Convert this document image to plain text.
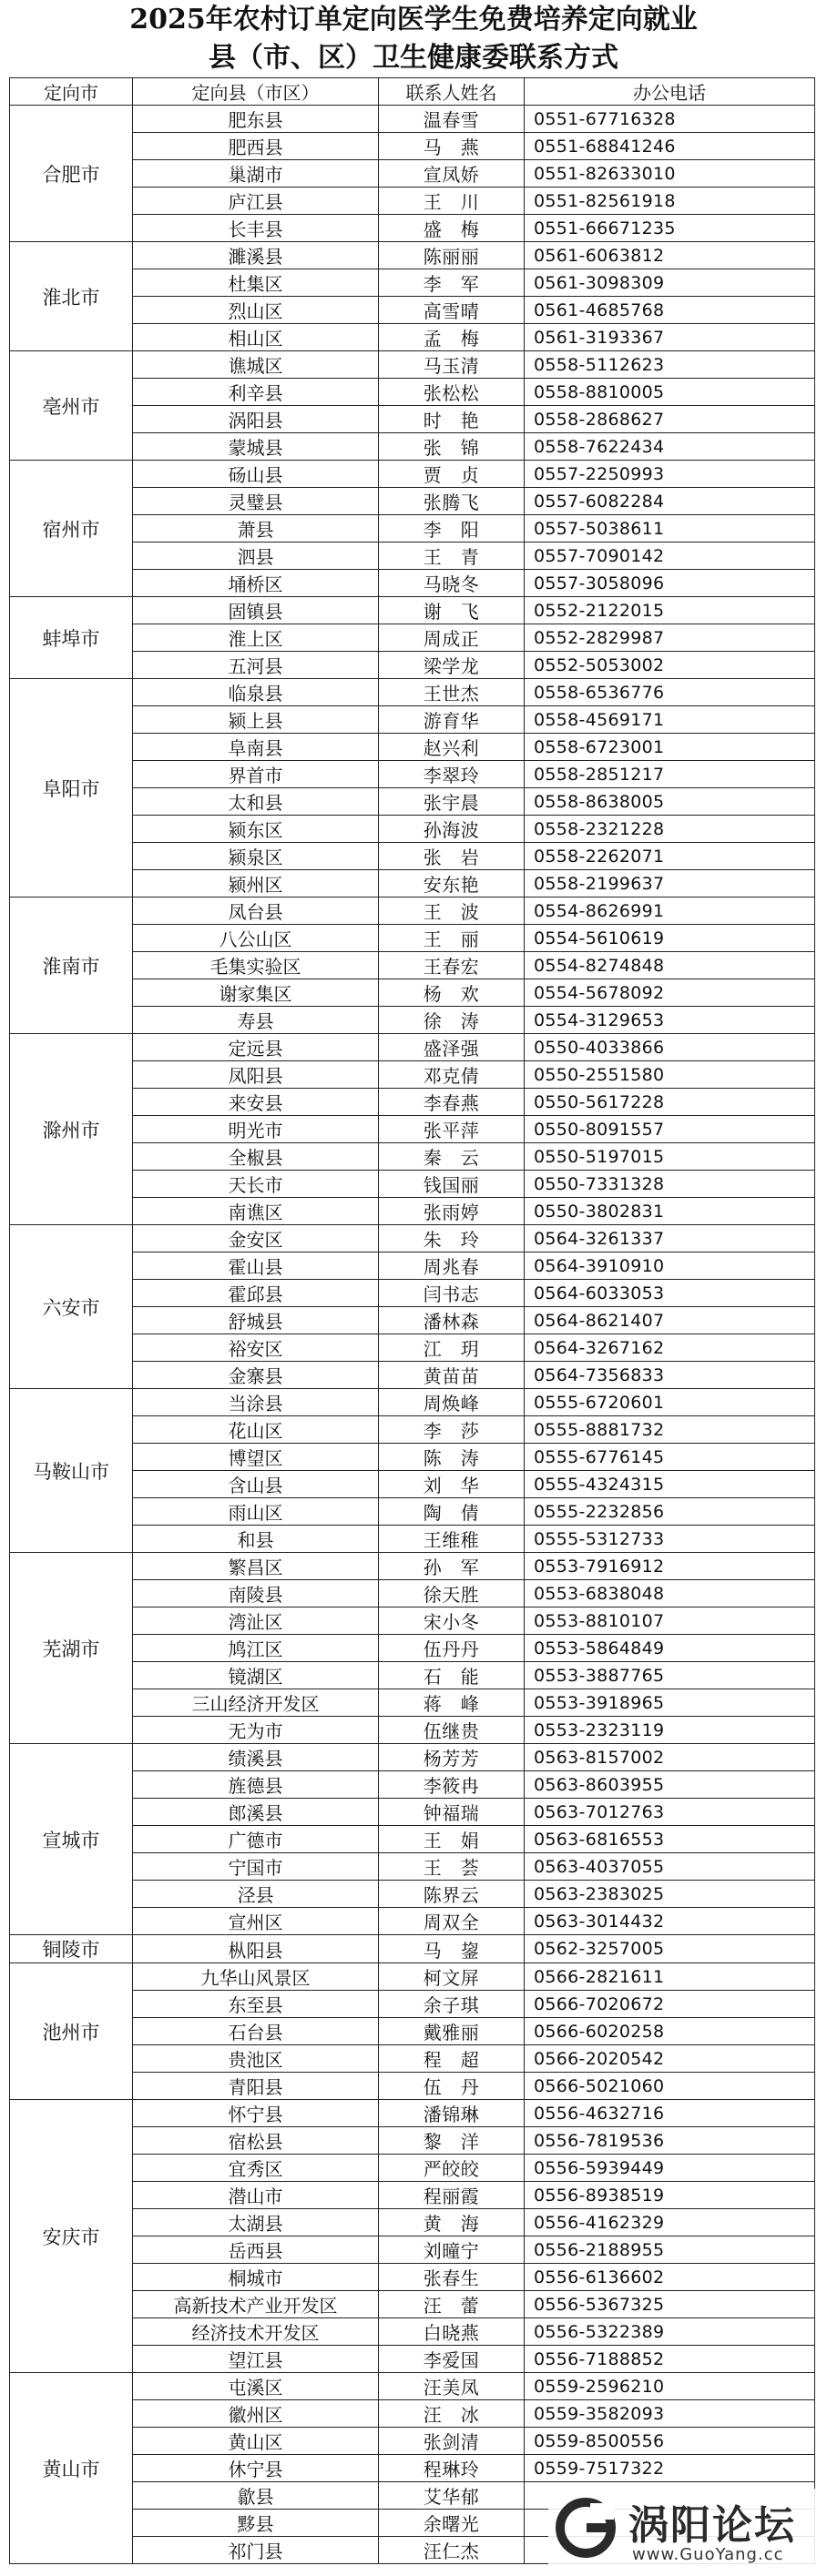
2025年农村订单定向医学生免费培养定向就业
县（市、区）卫生健康委联系方式
定向市	定向县（市区）	联系人姓名	办公电话
合肥市	肥东县	温春雪	0551-67716328
	肥西县	马　燕	0551-68841246
	巢湖市	宣凤娇	0551-82633010
	庐江县	王　川	0551-82561918
	长丰县	盛　梅	0551-66671235
淮北市	濉溪县	陈丽丽	0561-6063812
	杜集区	李　军	0561-3098309
	烈山区	高雪晴	0561-4685768
	相山区	孟　梅	0561-3193367
亳州市	谯城区	马玉清	0558-5112623
	利辛县	张松松	0558-8810005
	涡阳县	时　艳	0558-2868627
	蒙城县	张　锦	0558-7622434
宿州市	砀山县	贾　贞	0557-2250993
	灵璧县	张腾飞	0557-6082284
	萧县	李　阳	0557-5038611
	泗县	王　青	0557-7090142
	埇桥区	马晓冬	0557-3058096
蚌埠市	固镇县	谢　飞	0552-2122015
	淮上区	周成正	0552-2829987
	五河县	梁学龙	0552-5053002
阜阳市	临泉县	王世杰	0558-6536776
	颍上县	游育华	0558-4569171
	阜南县	赵兴利	0558-6723001
	界首市	李翠玲	0558-2851217
	太和县	张宇晨	0558-8638005
	颍东区	孙海波	0558-2321228
	颍泉区	张　岩	0558-2262071
	颍州区	安东艳	0558-2199637
淮南市	凤台县	王　波	0554-8626991
	八公山区	王　丽	0554-5610619
	毛集实验区	王春宏	0554-8274848
	谢家集区	杨　欢	0554-5678092
	寿县	徐　涛	0554-3129653
滁州市	定远县	盛泽强	0550-4033866
	凤阳县	邓克倩	0550-2551580
	来安县	李春燕	0550-5617228
	明光市	张平萍	0550-8091557
	全椒县	秦　云	0550-5197015
	天长市	钱国丽	0550-7331328
	南谯区	张雨婷	0550-3802831
六安市	金安区	朱　玲	0564-3261337
	霍山县	周兆春	0564-3910910
	霍邱县	闫书志	0564-6033053
	舒城县	潘林森	0564-8621407
	裕安区	江　玥	0564-3267162
	金寨县	黄苗苗	0564-7356833
马鞍山市	当涂县	周焕峰	0555-6720601
	花山区	李　莎	0555-8881732
	博望区	陈　涛	0555-6776145
	含山县	刘　华	0555-4324315
	雨山区	陶　倩	0555-2232856
	和县	王维稚	0555-5312733
芜湖市	繁昌区	孙　军	0553-7916912
	南陵县	徐天胜	0553-6838048
	湾沚区	宋小冬	0553-8810107
	鸠江区	伍丹丹	0553-5864849
	镜湖区	石　能	0553-3887765
	三山经济开发区	蒋　峰	0553-3918965
	无为市	伍继贵	0553-2323119
宣城市	绩溪县	杨芳芳	0563-8157002
	旌德县	李筱冉	0563-8603955
	郎溪县	钟福瑞	0563-7012763
	广德市	王　娟	0563-6816553
	宁国市	王　荟	0563-4037055
	泾县	陈界云	0563-2383025
	宣州区	周双全	0563-3014432
铜陵市	枞阳县	马　鋆	0562-3257005
池州市	九华山风景区	柯文屏	0566-2821611
	东至县	余子琪	0566-7020672
	石台县	戴雅丽	0566-6020258
	贵池区	程　超	0566-2020542
	青阳县	伍　丹	0566-5021060
安庆市	怀宁县	潘锦琳	0556-4632716
	宿松县	黎　洋	0556-7819536
	宜秀区	严皎皎	0556-5939449
	潜山市	程丽霞	0556-8938519
	太湖县	黄　海	0556-4162329
	岳西县	刘曈宁	0556-2188955
	桐城市	张春生	0556-6136602
	高新技术产业开发区	汪　蕾	0556-5367325
	经济技术开发区	白晓燕	0556-5322389
	望江县	李爱国	0556-7188852
黄山市	屯溪区	汪美凤	0559-2596210
	徽州区	汪　冰	0559-3582093
	黄山区	张剑清	0559-8500556
	休宁县	程琳玲	0559-7517322
	歙县	艾华郁	
	黟县	余曙光	
	祁门县	汪仁杰	
涡阳论坛
www.GuoYang.cc
